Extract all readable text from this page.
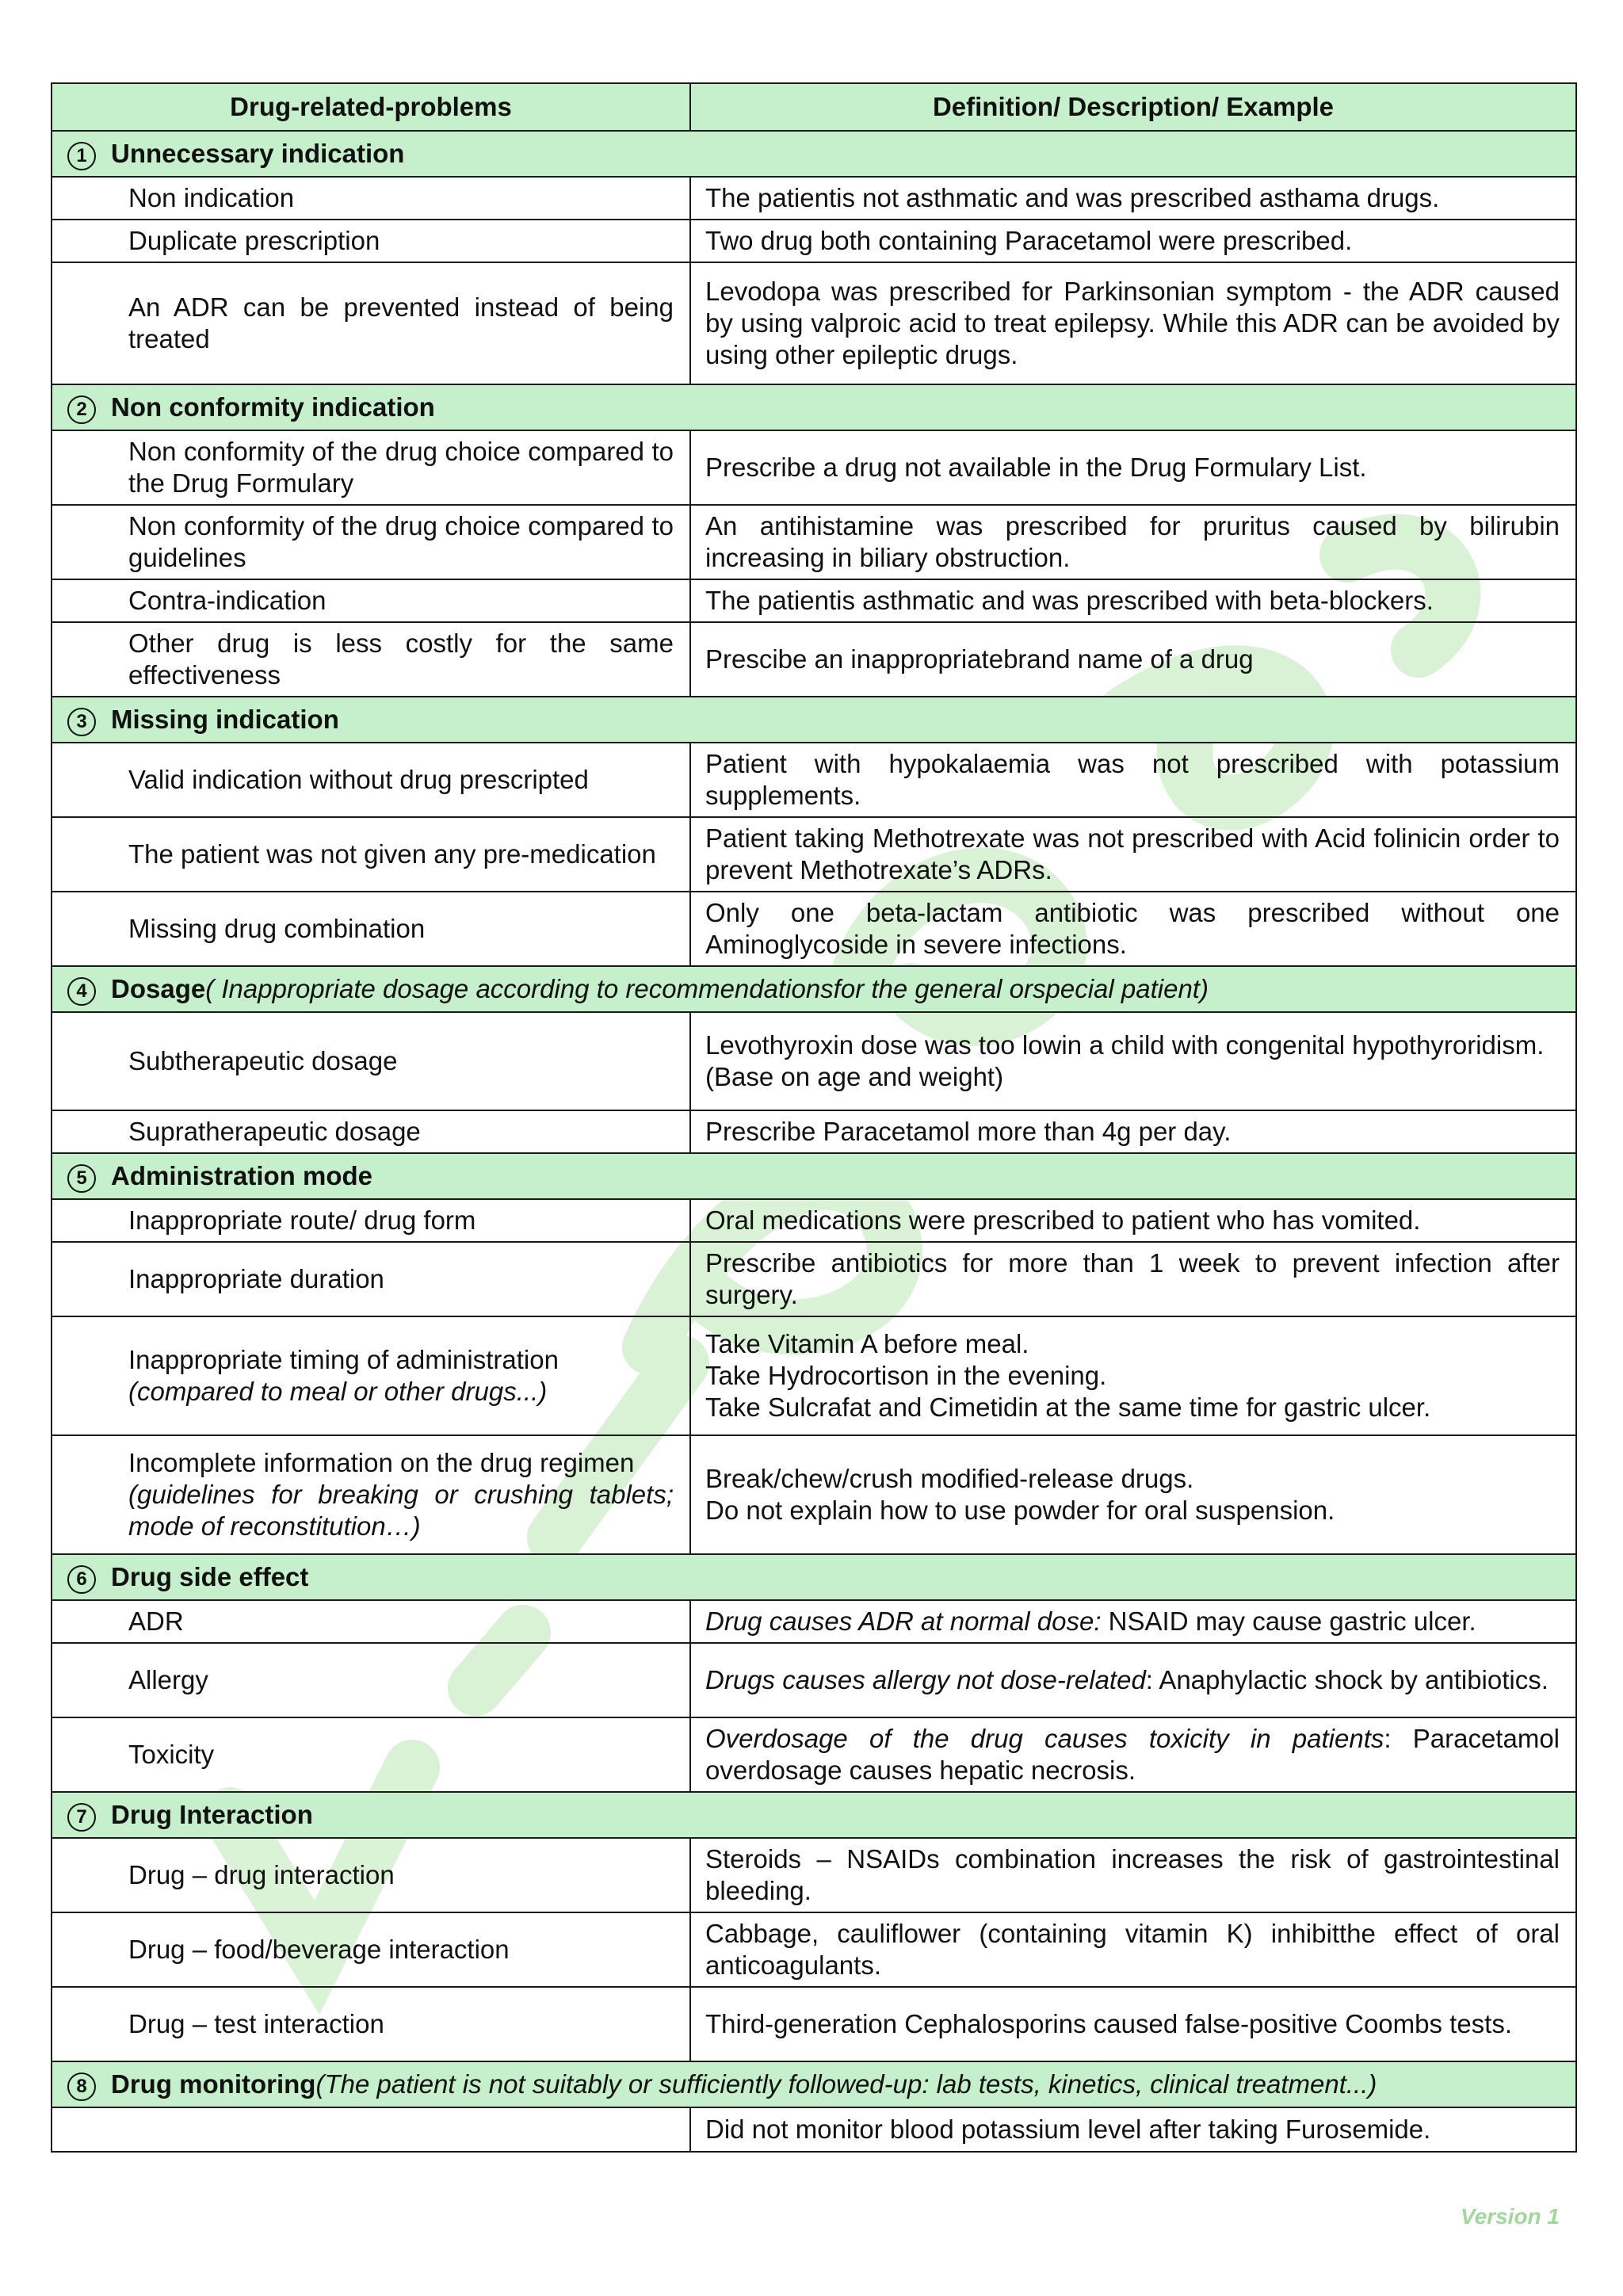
Drug-related-problems	Definition/ Description/ Example

1 Unnecessary indication	

Non indication	The patientis not asthmatic and was prescribed asthama drugs.
Duplicate prescription	Two drug both containing Paracetamol were prescribed.
An ADR can be prevented instead of being treated	Levodopa was prescribed for Parkinsonian symptom - the ADR caused by using valproic acid to treat epilepsy. While this ADR can be avoided by using other epileptic drugs.

2 Non conformity indication	

Non conformity of the drug choice compared to the Drug Formulary	Prescribe a drug not available in the Drug Formulary List.
Non conformity of the drug choice compared to guidelines	An antihistamine was prescribed for pruritus caused by bilirubin increasing in biliary obstruction.
Contra-indication	The patientis asthmatic and was prescribed with beta-blockers.
Other drug is less costly for the same effectiveness	Prescibe an inappropriatebrand name of a drug

3 Missing indication	

Valid indication without drug prescripted	Patient with hypokalaemia was not prescribed with potassium supplements.
The patient was not given any pre-medication	Patient taking Methotrexate was not prescribed with Acid folinicin order to prevent Methotrexate’s ADRs.
Missing drug combination	Only one beta-lactam antibiotic was prescribed without one Aminoglycoside in severe infections.

4 Dosage ( Inappropriate dosage according to recommendationsfor the general orspecial patient)	

Subtherapeutic dosage	Levothyroxin dose was too lowin a child with congenital hypothyroridism.
(Base on age and weight)

Supratherapeutic dosage	Prescribe Paracetamol more than 4g per day.

5 Administration mode	

Inappropriate route/ drug form	Oral medications were prescribed to patient who has vomited.
Inappropriate duration	Prescribe antibiotics for more than 1 week to prevent infection after surgery.

Inappropriate timing of administration
(compared to meal or other drugs...)	Take Vitamin A before meal.
Take Hydrocortison in the evening.
Take Sulcrafat and Cimetidin at the same time for gastric ulcer.

Incomplete information on the drug regimen
(guidelines for breaking or crushing tablets; mode of reconstitution…)	Break/chew/crush modified-release drugs.
Do not explain how to use powder for oral suspension.

6 Drug side effect	

ADR	Drug causes ADR at normal dose: NSAID may cause gastric ulcer.
Allergy	Drugs causes allergy not dose-related: Anaphylactic shock by antibiotics.
Toxicity	Overdosage of the drug causes toxicity in patients: Paracetamol overdosage causes hepatic necrosis.

7 Drug Interaction	

Drug – drug interaction	Steroids – NSAIDs combination increases the risk of gastrointestinal bleeding.
Drug – food/beverage interaction	Cabbage, cauliflower (containing vitamin K) inhibitthe effect of oral anticoagulants.
Drug – test interaction	Third-generation Cephalosporins caused false-positive Coombs tests.

8 Drug monitoring (The patient is not suitably or sufficiently followed-up: lab tests, kinetics, clinical treatment...)	

	Did not monitor blood potassium level after taking Furosemide.
Version 1
